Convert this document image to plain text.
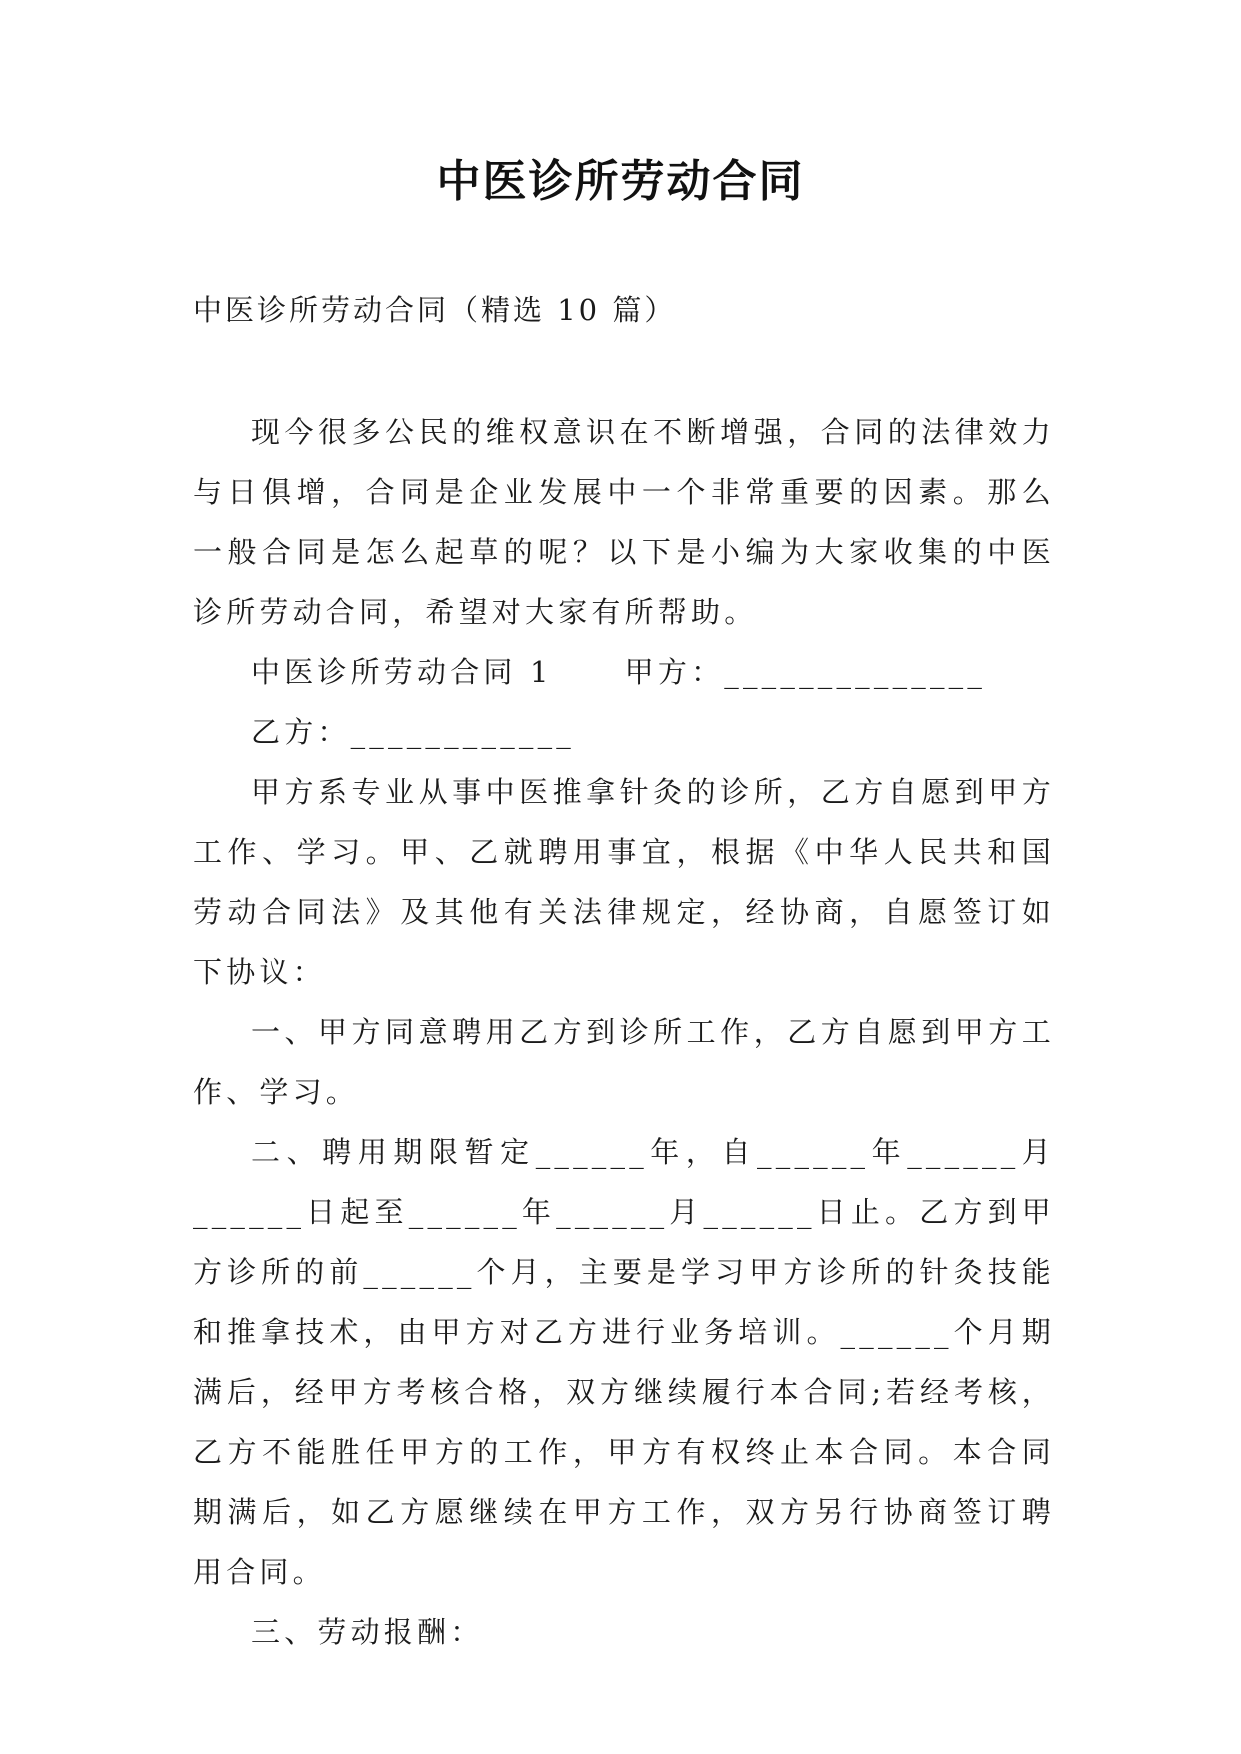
中医诊所劳动合同
中医诊所劳动合同（精选 10 篇）

现今很多公民的维权意识在不断增强，合同的法律效力与日俱增，合同是企业发展中一个非常重要的因素。那么一般合同是怎么起草的呢？以下是小编为大家收集的中医诊所劳动合同，希望对大家有所帮助。

中医诊所劳动合同 1 甲方：______________

乙方：____________

甲方系专业从事中医推拿针灸的诊所，乙方自愿到甲方工作、学习。甲、乙就聘用事宜，根据《中华人民共和国劳动合同法》及其他有关法律规定，经协商，自愿签订如下协议：

一、甲方同意聘用乙方到诊所工作，乙方自愿到甲方工作、学习。

二、聘用期限暂定______年，自______年______月______日起至______年______月______日止。乙方到甲方诊所的前______个月，主要是学习甲方诊所的针灸技能和推拿技术，由甲方对乙方进行业务培训。______个月期满后，经甲方考核合格，双方继续履行本合同;若经考核，乙方不能胜任甲方的工作，甲方有权终止本合同。本合同期满后，如乙方愿继续在甲方工作，双方另行协商签订聘用合同。

三、劳动报酬：
